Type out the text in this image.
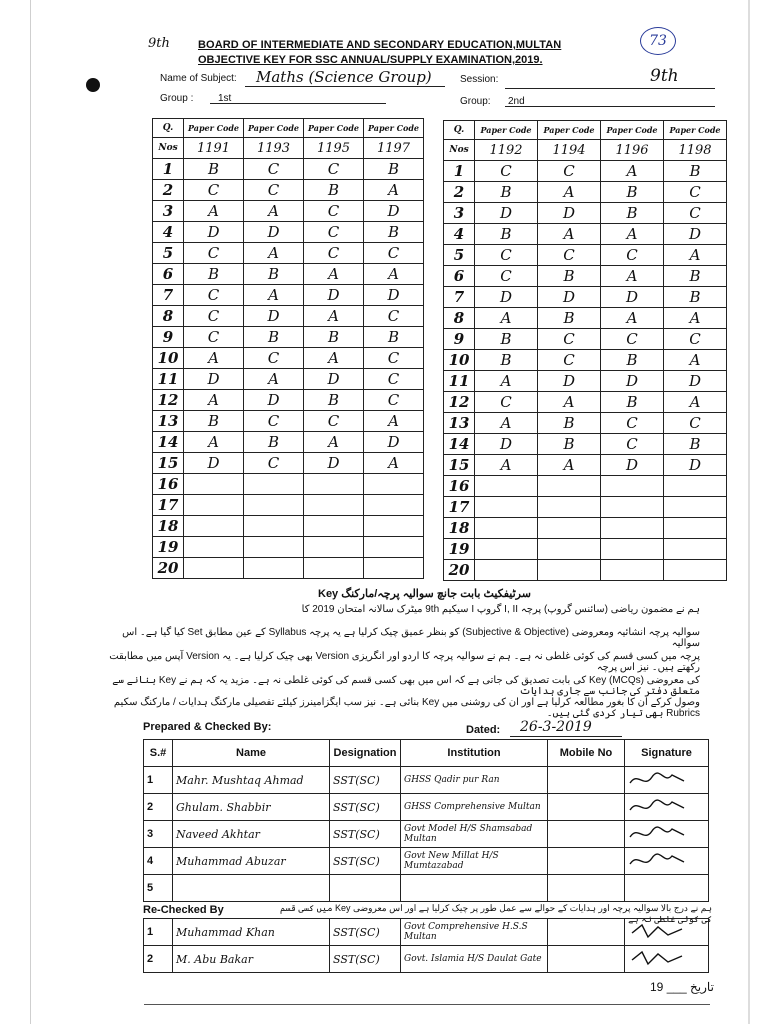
9th	BOARD OF INTERMEDIATE AND SECONDARY EDUCATION,MULTAN
OBJECTIVE KEY FOR SSC ANNUAL/SUPPLY EXAMINATION,2019.
73
Name of Subject: Maths (Science Group)	Session:	9th
Group : 1st	Group: 2nd
Q.	Paper Code	Paper Code	Paper Code	Paper Code
Nos	1191	1193	1195	1197
1	B	C	C	B
2	C	C	B	A
3	A	A	C	D
4	D	D	C	B
5	C	A	C	C
6	B	B	A	A
7	C	A	D	D
8	C	D	A	C
9	C	B	B	B
10	A	C	A	C
11	D	A	D	C
12	A	D	B	C
13	B	C	C	A
14	A	B	A	D
15	D	C	D	A
16				
17				
18				
19				
20				
Q.	Paper Code	Paper Code	Paper Code	Paper Code
Nos	1192	1194	1196	1198
1	C	C	A	B
2	B	A	B	C
3	D	D	B	C
4	B	A	A	D
5	C	C	C	A
6	C	B	A	B
7	D	D	D	B
8	A	B	A	A
9	B	C	C	C
10	B	C	B	A
11	A	D	D	D
12	C	A	B	A
13	A	B	C	C
14	D	B	C	B
15	A	A	D	D
16				
17				
18				
19				
20				
Key سرٹیفکیٹ بابت جانچ سوالیہ پرچہ/مارکنگ
ہم نے مضمون ریاضی (سائنس گروپ) پرچہ I, II گروپ I سیکیم 9th میٹرک سالانہ امتحان 2019 کا
سوالیہ پرچہ انشائیہ ومعروضی (Subjective & Objective) کو بنظر عمیق چیک کرلیا ہے یہ پرچہ Syllabus کے عین مطابق Set کیا گیا ہے۔ اس سوالیہ
پرچہ میں کسی قسم کی کوئی غلطی نہ ہے۔ ہم نے سوالیہ پرچہ کا اردو اور انگریزی Version بھی چیک کرلیا ہے۔ یہ Version آپس میں مطابقت رکھتے ہیں۔ نیز اس پرچہ
کی معروضی Key (MCQs) کی بابت تصدیق کی جاتی ہے کہ اس میں بھی کسی قسم کی کوئی غلطی نہ ہے۔ مزید یہ کہ ہم نے Key بنانے سے متعلق دفتر کی جانب سے جاری ہدایات
وصول کرکے ان کا بغور مطالعہ کرلیا ہے اور ان کی روشنی میں Key بنائی ہے۔ نیز سب ایگزامینرز کیلئے تفصیلی مارکنگ ہدایات / مارکنگ سکیم Rubrics بھی تیار کردی گئی ہیں۔
Prepared & Checked By:	Dated: 26-3-2019
S.#	Name	Designation	Institution	Mobile No	Signature
1	Mahr. Mushtaq Ahmad	SST(SC)	GHSS Qadir pur Ran		
2	Ghulam. Shabbir	SST(SC)	GHSS Comprehensive Multan		
3	Naveed Akhtar	SST(SC)	Govt Model H/S Shamsabad Multan		
4	Muhammad Abuzar	SST(SC)	Govt New Millat H/S Mumtazabad		
5					
Re-Checked By	ہم نے درج بالا سوالیہ پرچہ اور ہدایات کے حوالے سے عمل طور پر چیک کرلیا ہے اور اس معروضی Key میں کسی قسم کی کوئی غلطی نہ ہے
1	Muhammad Khan	SST(SC)	Govt Comprehensive H.S.S Multan		
2	M. Abu Bakar	SST(SC)	Govt. Islamia H/S Daulat Gate		
تاریخ ___ 19
